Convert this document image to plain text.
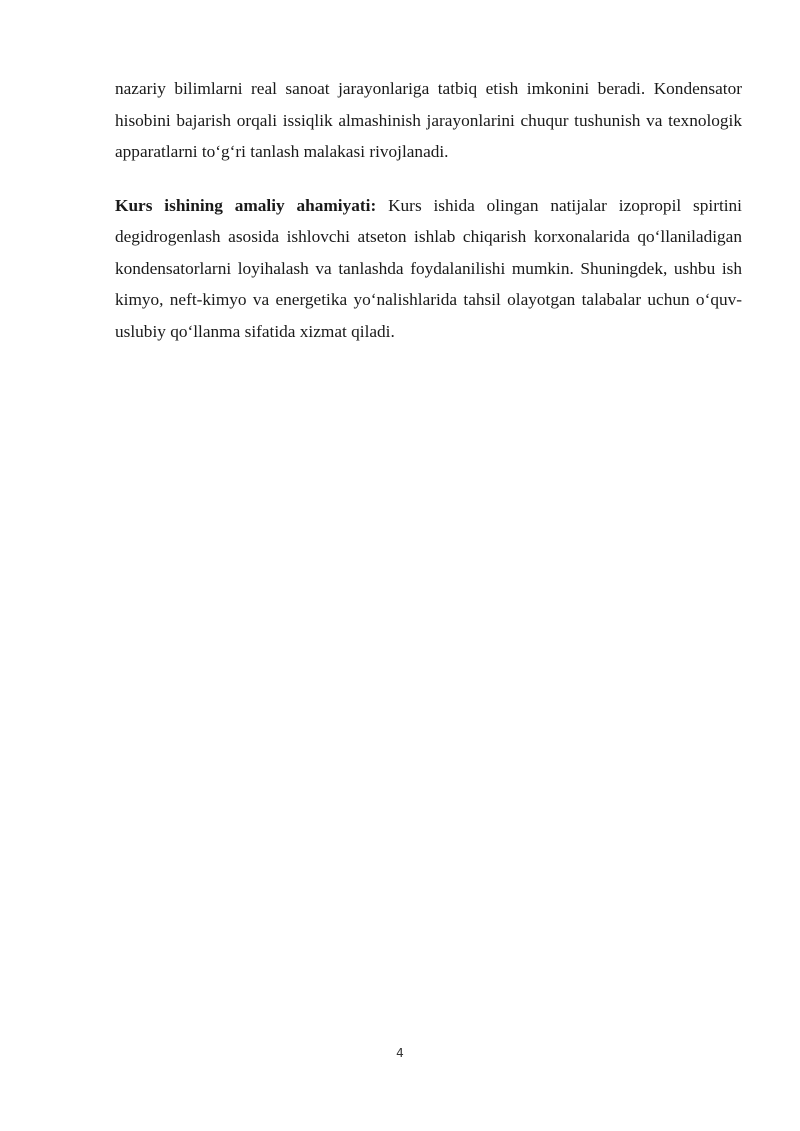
nazariy bilimlarni real sanoat jarayonlariga tatbiq etish imkonini beradi. Kondensator hisobini bajarish orqali issiqlik almashinish jarayonlarini chuqur tushunish va texnologik apparatlarni to‘g‘ri tanlash malakasi rivojlanadi.

Kurs ishining amaliy ahamiyati: Kurs ishida olingan natijalar izopropil spirtini degidrogenlash asosida ishlovchi atseton ishlab chiqarish korxonalarida qo‘llaniladigan kondensatorlarni loyihalash va tanlashda foydalanilishi mumkin. Shuningdek, ushbu ish kimyo, neft-kimyo va energetika yo‘nalishlarida tahsil olayotgan talabalar uchun o‘quv-uslubiy qo‘llanma sifatida xizmat qiladi.

4
